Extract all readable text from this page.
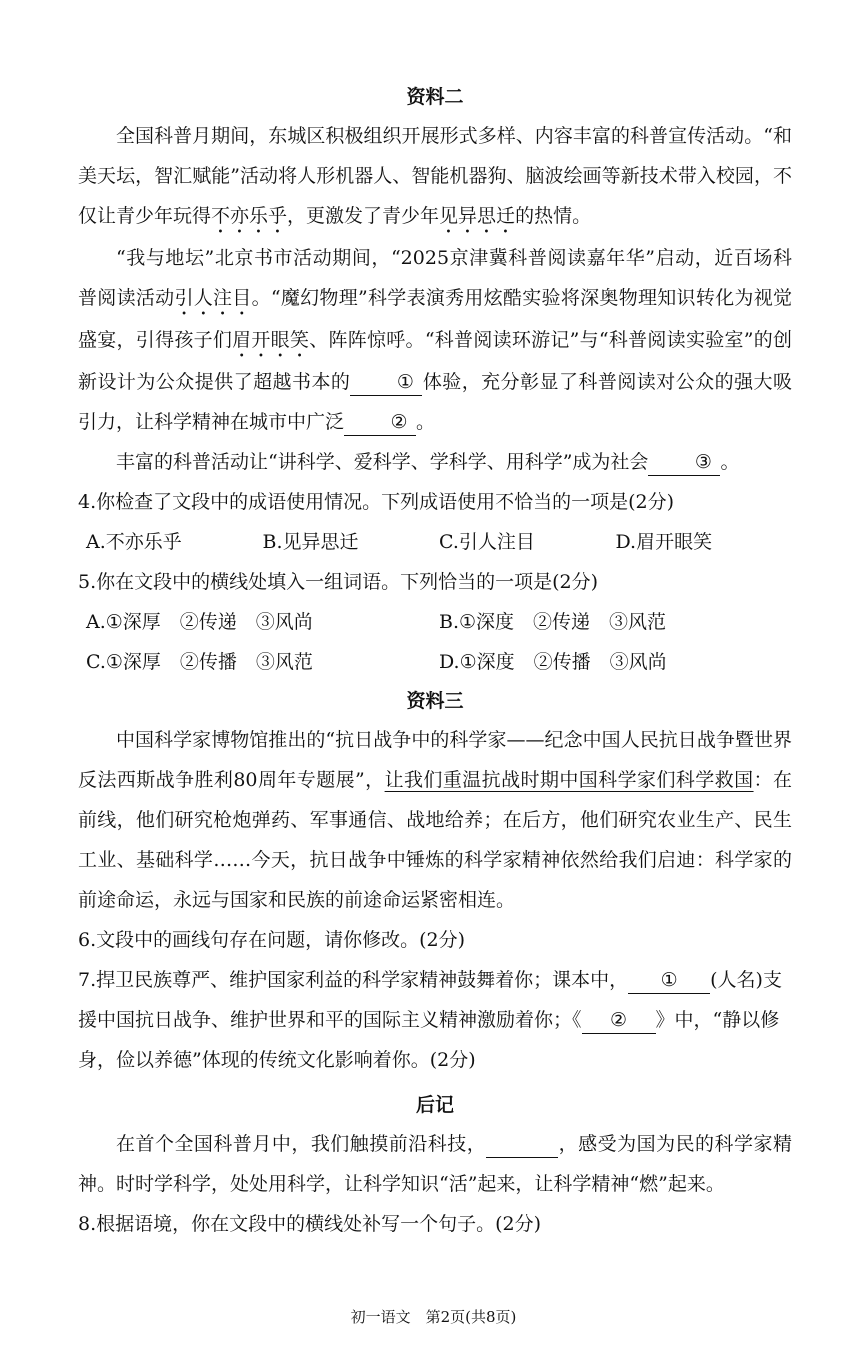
资料二
全国科普月期间，东城区积极组织开展形式多样、内容丰富的科普宣传活动。“和美天坛，智汇赋能”活动将人形机器人、智能机器狗、脑波绘画等新技术带入校园，不仅让青少年玩得不亦乐乎，更激发了青少年见异思迁的热情。
“我与地坛”北京书市活动期间，“2025京津冀科普阅读嘉年华”启动，近百场科普阅读活动引人注目。“魔幻物理”科学表演秀用炫酷实验将深奥物理知识转化为视觉盛宴，引得孩子们眉开眼笑、阵阵惊呼。“科普阅读环游记”与“科普阅读实验室”的创新设计为公众提供了超越书本的 ① 体验，充分彰显了科普阅读对公众的强大吸引力，让科学精神在城市中广泛 ② 。
丰富的科普活动让“讲科学、爱科学、学科学、用科学”成为社会 ③ 。
4.你检查了文段中的成语使用情况。下列成语使用不恰当的一项是(2分)
A.不亦乐乎	B.见异思迁	C.引人注目	D.眉开眼笑
5.你在文段中的横线处填入一组词语。下列恰当的一项是(2分)
A.①深厚　②传递　③风尚	B.①深度　②传递　③风范
C.①深厚　②传播　③风范	D.①深度　②传播　③风尚
资料三
中国科学家博物馆推出的“抗日战争中的科学家——纪念中国人民抗日战争暨世界反法西斯战争胜利80周年专题展”，让我们重温抗战时期中国科学家们科学救国：在前线，他们研究枪炮弹药、军事通信、战地给养；在后方，他们研究农业生产、民生工业、基础科学……今天，抗日战争中锤炼的科学家精神依然给我们启迪：科学家的前途命运，永远与国家和民族的前途命运紧密相连。
6.文段中的画线句存在问题，请你修改。(2分)
7.捍卫民族尊严、维护国家利益的科学家精神鼓舞着你；课本中， ① (人名)支援中国抗日战争、维护世界和平的国际主义精神激励着你；《 ② 》中，“静以修身，俭以养德”体现的传统文化影响着你。(2分)
后记
在首个全国科普月中，我们触摸前沿科技，	，感受为国为民的科学家精神。时时学科学，处处用科学，让科学知识“活”起来，让科学精神“燃”起来。
8.根据语境，你在文段中的横线处补写一个句子。(2分)
初一语文　第2页(共8页)
